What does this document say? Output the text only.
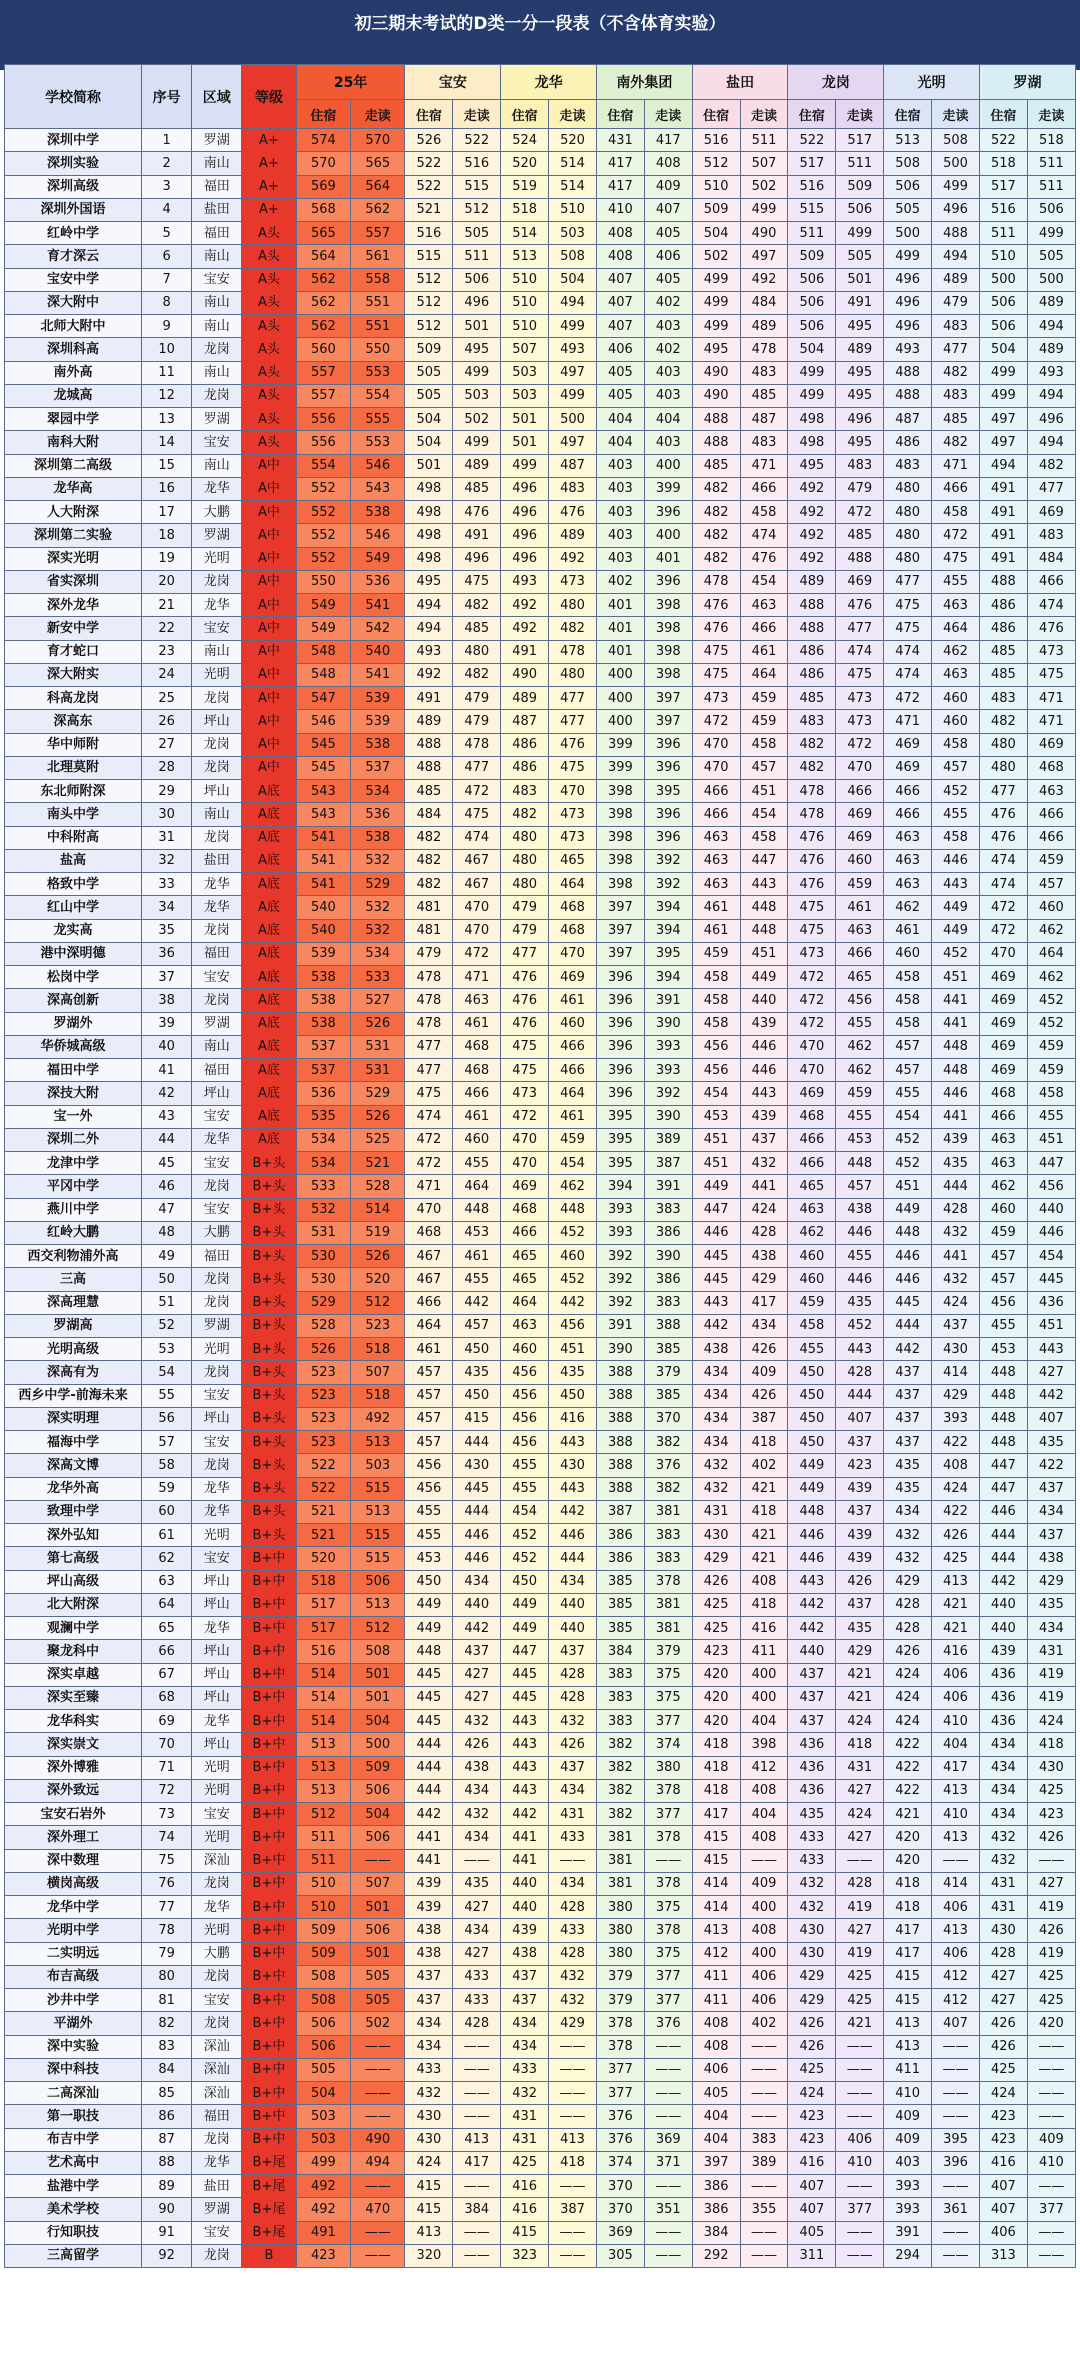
初三期末考试的D类一分一段表（不含体育实验）
学校简称	序号	区域	等级	25年		宝安		龙华		南外集团		盐田		龙岗		光明		罗湖	
				住宿	走读	住宿	走读	住宿	走读	住宿	走读	住宿	走读	住宿	走读	住宿	走读	住宿	走读
深圳中学	1	罗湖	A+	574	570	526	522	524	520	431	417	516	511	522	517	513	508	522	518
深圳实验	2	南山	A+	570	565	522	516	520	514	417	408	512	507	517	511	508	500	518	511
深圳高级	3	福田	A+	569	564	522	515	519	514	417	409	510	502	516	509	506	499	517	511
深圳外国语	4	盐田	A+	568	562	521	512	518	510	410	407	509	499	515	506	505	496	516	506
红岭中学	5	福田	A头	565	557	516	505	514	503	408	405	504	490	511	499	500	488	511	499
育才深云	6	南山	A头	564	561	515	511	513	508	408	406	502	497	509	505	499	494	510	505
宝安中学	7	宝安	A头	562	558	512	506	510	504	407	405	499	492	506	501	496	489	500	500
深大附中	8	南山	A头	562	551	512	496	510	494	407	402	499	484	506	491	496	479	506	489
北师大附中	9	南山	A头	562	551	512	501	510	499	407	403	499	489	506	495	496	483	506	494
深圳科高	10	龙岗	A头	560	550	509	495	507	493	406	402	495	478	504	489	493	477	504	489
南外高	11	南山	A头	557	553	505	499	503	497	405	403	490	483	499	495	488	482	499	493
龙城高	12	龙岗	A头	557	554	505	503	503	499	405	403	490	485	499	495	488	483	499	494
翠园中学	13	罗湖	A头	556	555	504	502	501	500	404	404	488	487	498	496	487	485	497	496
南科大附	14	宝安	A头	556	553	504	499	501	497	404	403	488	483	498	495	486	482	497	494
深圳第二高级	15	南山	A中	554	546	501	489	499	487	403	400	485	471	495	483	483	471	494	482
龙华高	16	龙华	A中	552	543	498	485	496	483	403	399	482	466	492	479	480	466	491	477
人大附深	17	大鹏	A中	552	538	498	476	496	476	403	396	482	458	492	472	480	458	491	469
深圳第二实验	18	罗湖	A中	552	546	498	491	496	489	403	400	482	474	492	485	480	472	491	483
深实光明	19	光明	A中	552	549	498	496	496	492	403	401	482	476	492	488	480	475	491	484
省实深圳	20	龙岗	A中	550	536	495	475	493	473	402	396	478	454	489	469	477	455	488	466
深外龙华	21	龙华	A中	549	541	494	482	492	480	401	398	476	463	488	476	475	463	486	474
新安中学	22	宝安	A中	549	542	494	485	492	482	401	398	476	466	488	477	475	464	486	476
育才蛇口	23	南山	A中	548	540	493	480	491	478	401	398	475	461	486	474	474	462	485	473
深大附实	24	光明	A中	548	541	492	482	490	480	400	398	475	464	486	475	474	463	485	475
科高龙岗	25	龙岗	A中	547	539	491	479	489	477	400	397	473	459	485	473	472	460	483	471
深高东	26	坪山	A中	546	539	489	479	487	477	400	397	472	459	483	473	471	460	482	471
华中师附	27	龙岗	A中	545	538	488	478	486	476	399	396	470	458	482	472	469	458	480	469
北理莫附	28	龙岗	A中	545	537	488	477	486	475	399	396	470	457	482	470	469	457	480	468
东北师附深	29	坪山	A底	543	534	485	472	483	470	398	395	466	451	478	466	466	452	477	463
南头中学	30	南山	A底	543	536	484	475	482	473	398	396	466	454	478	469	466	455	476	466
中科附高	31	龙岗	A底	541	538	482	474	480	473	398	396	463	458	476	469	463	458	476	466
盐高	32	盐田	A底	541	532	482	467	480	465	398	392	463	447	476	460	463	446	474	459
格致中学	33	龙华	A底	541	529	482	467	480	464	398	392	463	443	476	459	463	443	474	457
红山中学	34	龙华	A底	540	532	481	470	479	468	397	394	461	448	475	461	462	449	472	460
龙实高	35	龙岗	A底	540	532	481	470	479	468	397	394	461	448	475	463	461	449	472	462
港中深明德	36	福田	A底	539	534	479	472	477	470	397	395	459	451	473	466	460	452	470	464
松岗中学	37	宝安	A底	538	533	478	471	476	469	396	394	458	449	472	465	458	451	469	462
深高创新	38	龙岗	A底	538	527	478	463	476	461	396	391	458	440	472	456	458	441	469	452
罗湖外	39	罗湖	A底	538	526	478	461	476	460	396	390	458	439	472	455	458	441	469	452
华侨城高级	40	南山	A底	537	531	477	468	475	466	396	393	456	446	470	462	457	448	469	459
福田中学	41	福田	A底	537	531	477	468	475	466	396	393	456	446	470	462	457	448	469	459
深技大附	42	坪山	A底	536	529	475	466	473	464	396	392	454	443	469	459	455	446	468	458
宝一外	43	宝安	A底	535	526	474	461	472	461	395	390	453	439	468	455	454	441	466	455
深圳二外	44	龙华	A底	534	525	472	460	470	459	395	389	451	437	466	453	452	439	463	451
龙津中学	45	宝安	B+头	534	521	472	455	470	454	395	387	451	432	466	448	452	435	463	447
平冈中学	46	龙岗	B+头	533	528	471	464	469	462	394	391	449	441	465	457	451	444	462	456
燕川中学	47	宝安	B+头	532	514	470	448	468	448	393	383	447	424	463	438	449	428	460	440
红岭大鹏	48	大鹏	B+头	531	519	468	453	466	452	393	386	446	428	462	446	448	432	459	446
西交利物浦外高	49	福田	B+头	530	526	467	461	465	460	392	390	445	438	460	455	446	441	457	454
三高	50	龙岗	B+头	530	520	467	455	465	452	392	386	445	429	460	446	446	432	457	445
深高理慧	51	龙岗	B+头	529	512	466	442	464	442	392	383	443	417	459	435	445	424	456	436
罗湖高	52	罗湖	B+头	528	523	464	457	463	456	391	388	442	434	458	452	444	437	455	451
光明高级	53	光明	B+头	526	518	461	450	460	451	390	385	438	426	455	443	442	430	453	443
深高有为	54	龙岗	B+头	523	507	457	435	456	435	388	379	434	409	450	428	437	414	448	427
西乡中学-前海未来	55	宝安	B+头	523	518	457	450	456	450	388	385	434	426	450	444	437	429	448	442
深实明理	56	坪山	B+头	523	492	457	415	456	416	388	370	434	387	450	407	437	393	448	407
福海中学	57	宝安	B+头	523	513	457	444	456	443	388	382	434	418	450	437	437	422	448	435
深高文博	58	龙岗	B+头	522	503	456	430	455	430	388	376	432	402	449	423	435	408	447	422
龙华外高	59	龙华	B+头	522	515	456	445	455	443	388	382	432	421	449	439	435	424	447	437
致理中学	60	龙华	B+头	521	513	455	444	454	442	387	381	431	418	448	437	434	422	446	434
深外弘知	61	光明	B+头	521	515	455	446	452	446	386	383	430	421	446	439	432	426	444	437
第七高级	62	宝安	B+中	520	515	453	446	452	444	386	383	429	421	446	439	432	425	444	438
坪山高级	63	坪山	B+中	518	506	450	434	450	434	385	378	426	408	443	426	429	413	442	429
北大附深	64	坪山	B+中	517	513	449	440	449	440	385	381	425	418	442	437	428	421	440	435
观澜中学	65	龙华	B+中	517	512	449	442	449	440	385	381	425	416	442	435	428	421	440	434
聚龙科中	66	坪山	B+中	516	508	448	437	447	437	384	379	423	411	440	429	426	416	439	431
深实卓越	67	坪山	B+中	514	501	445	427	445	428	383	375	420	400	437	421	424	406	436	419
深实至臻	68	坪山	B+中	514	501	445	427	445	428	383	375	420	400	437	421	424	406	436	419
龙华科实	69	龙华	B+中	514	504	445	432	443	432	383	377	420	404	437	424	424	410	436	424
深实崇文	70	坪山	B+中	513	500	444	426	443	426	382	374	418	398	436	418	422	404	434	418
深外博雅	71	光明	B+中	513	509	444	438	443	437	382	380	418	412	436	431	422	417	434	430
深外致远	72	光明	B+中	513	506	444	434	443	434	382	378	418	408	436	427	422	413	434	425
宝安石岩外	73	宝安	B+中	512	504	442	432	442	431	382	377	417	404	435	424	421	410	434	423
深外理工	74	光明	B+中	511	506	441	434	441	433	381	378	415	408	433	427	420	413	432	426
深中数理	75	深汕	B+中	511	——	441	——	441	——	381	——	415	——	433	——	420	——	432	——
横岗高级	76	龙岗	B+中	510	507	439	435	440	434	381	378	414	409	432	428	418	414	431	427
龙华中学	77	龙华	B+中	510	501	439	427	440	428	380	375	414	400	432	419	418	406	431	419
光明中学	78	光明	B+中	509	506	438	434	439	433	380	378	413	408	430	427	417	413	430	426
二实明远	79	大鹏	B+中	509	501	438	427	438	428	380	375	412	400	430	419	417	406	428	419
布吉高级	80	龙岗	B+中	508	505	437	433	437	432	379	377	411	406	429	425	415	412	427	425
沙井中学	81	宝安	B+中	508	505	437	433	437	432	379	377	411	406	429	425	415	412	427	425
平湖外	82	龙岗	B+中	506	502	434	428	434	429	378	376	408	402	426	421	413	407	426	420
深中实验	83	深汕	B+中	506	——	434	——	434	——	378	——	408	——	426	——	413	——	426	——
深中科技	84	深汕	B+中	505	——	433	——	433	——	377	——	406	——	425	——	411	——	425	——
二高深汕	85	深汕	B+中	504	——	432	——	432	——	377	——	405	——	424	——	410	——	424	——
第一职技	86	福田	B+中	503	——	430	——	431	——	376	——	404	——	423	——	409	——	423	——
布吉中学	87	龙岗	B+中	503	490	430	413	431	413	376	369	404	383	423	406	409	395	423	409
艺术高中	88	龙华	B+尾	499	494	424	417	425	418	374	371	397	389	416	410	403	396	416	410
盐港中学	89	盐田	B+尾	492	——	415	——	416	——	370	——	386	——	407	——	393	——	407	——
美术学校	90	罗湖	B+尾	492	470	415	384	416	387	370	351	386	355	407	377	393	361	407	377
行知职技	91	宝安	B+尾	491	——	413	——	415	——	369	——	384	——	405	——	391	——	406	——
三高留学	92	龙岗	B	423	——	320	——	323	——	305	——	292	——	311	——	294	——	313	——
